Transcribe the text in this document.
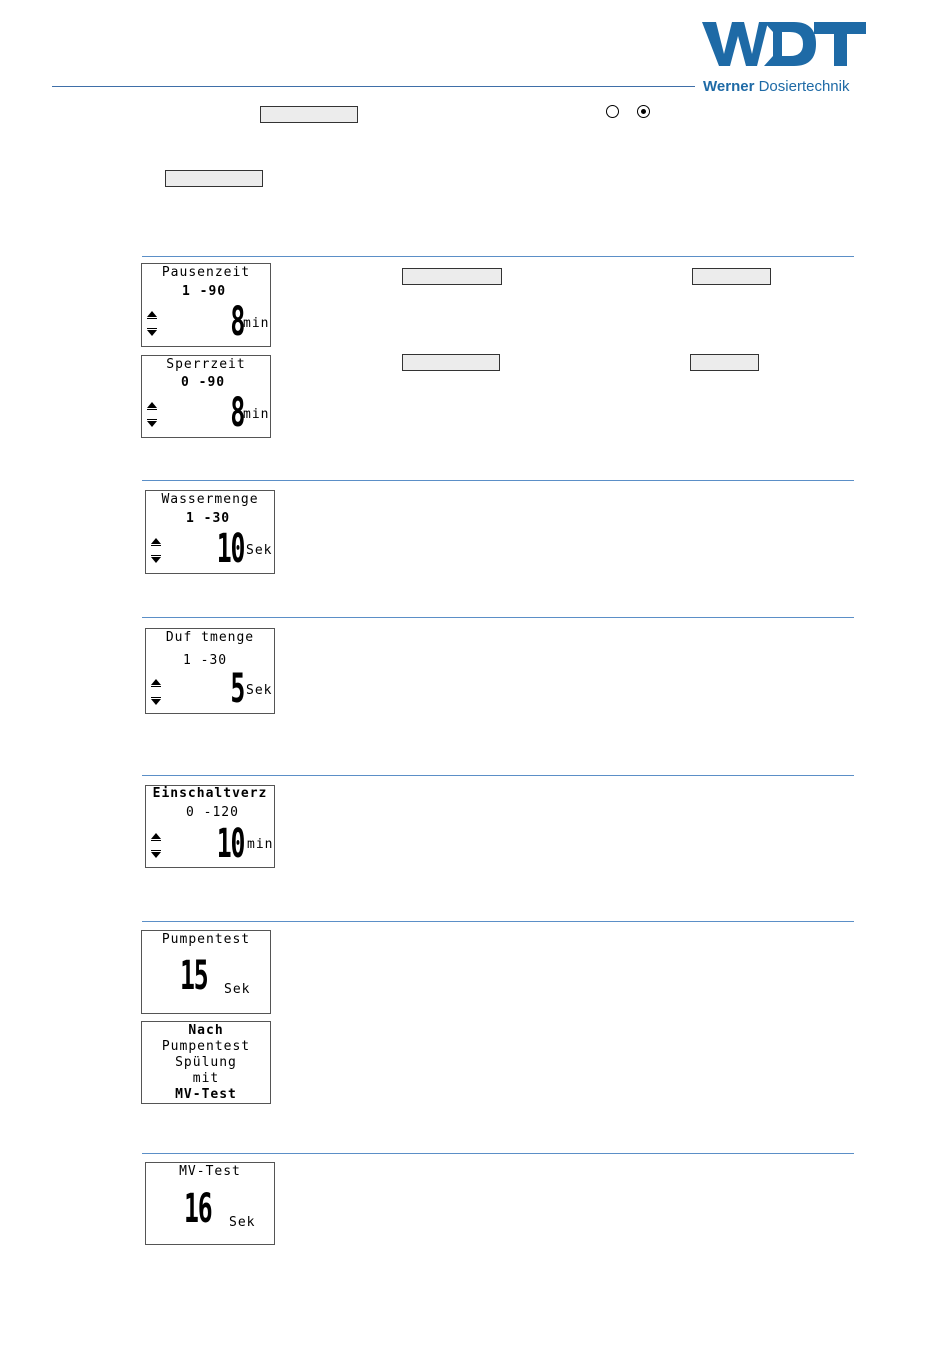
Werner Dosiertechnik
Pausenzeit
1 -90
8 min
Sperrzeit
0 -90
8 min
Wassermenge
1 -30
10 Sek
Duf tmenge
1 -30
5 Sek
Einschaltverz
0 -120
10 min
Pumpentest
15 Sek
Nach
Pumpentest
Spülung
mit
MV-Test
MV-Test
16 Sek
